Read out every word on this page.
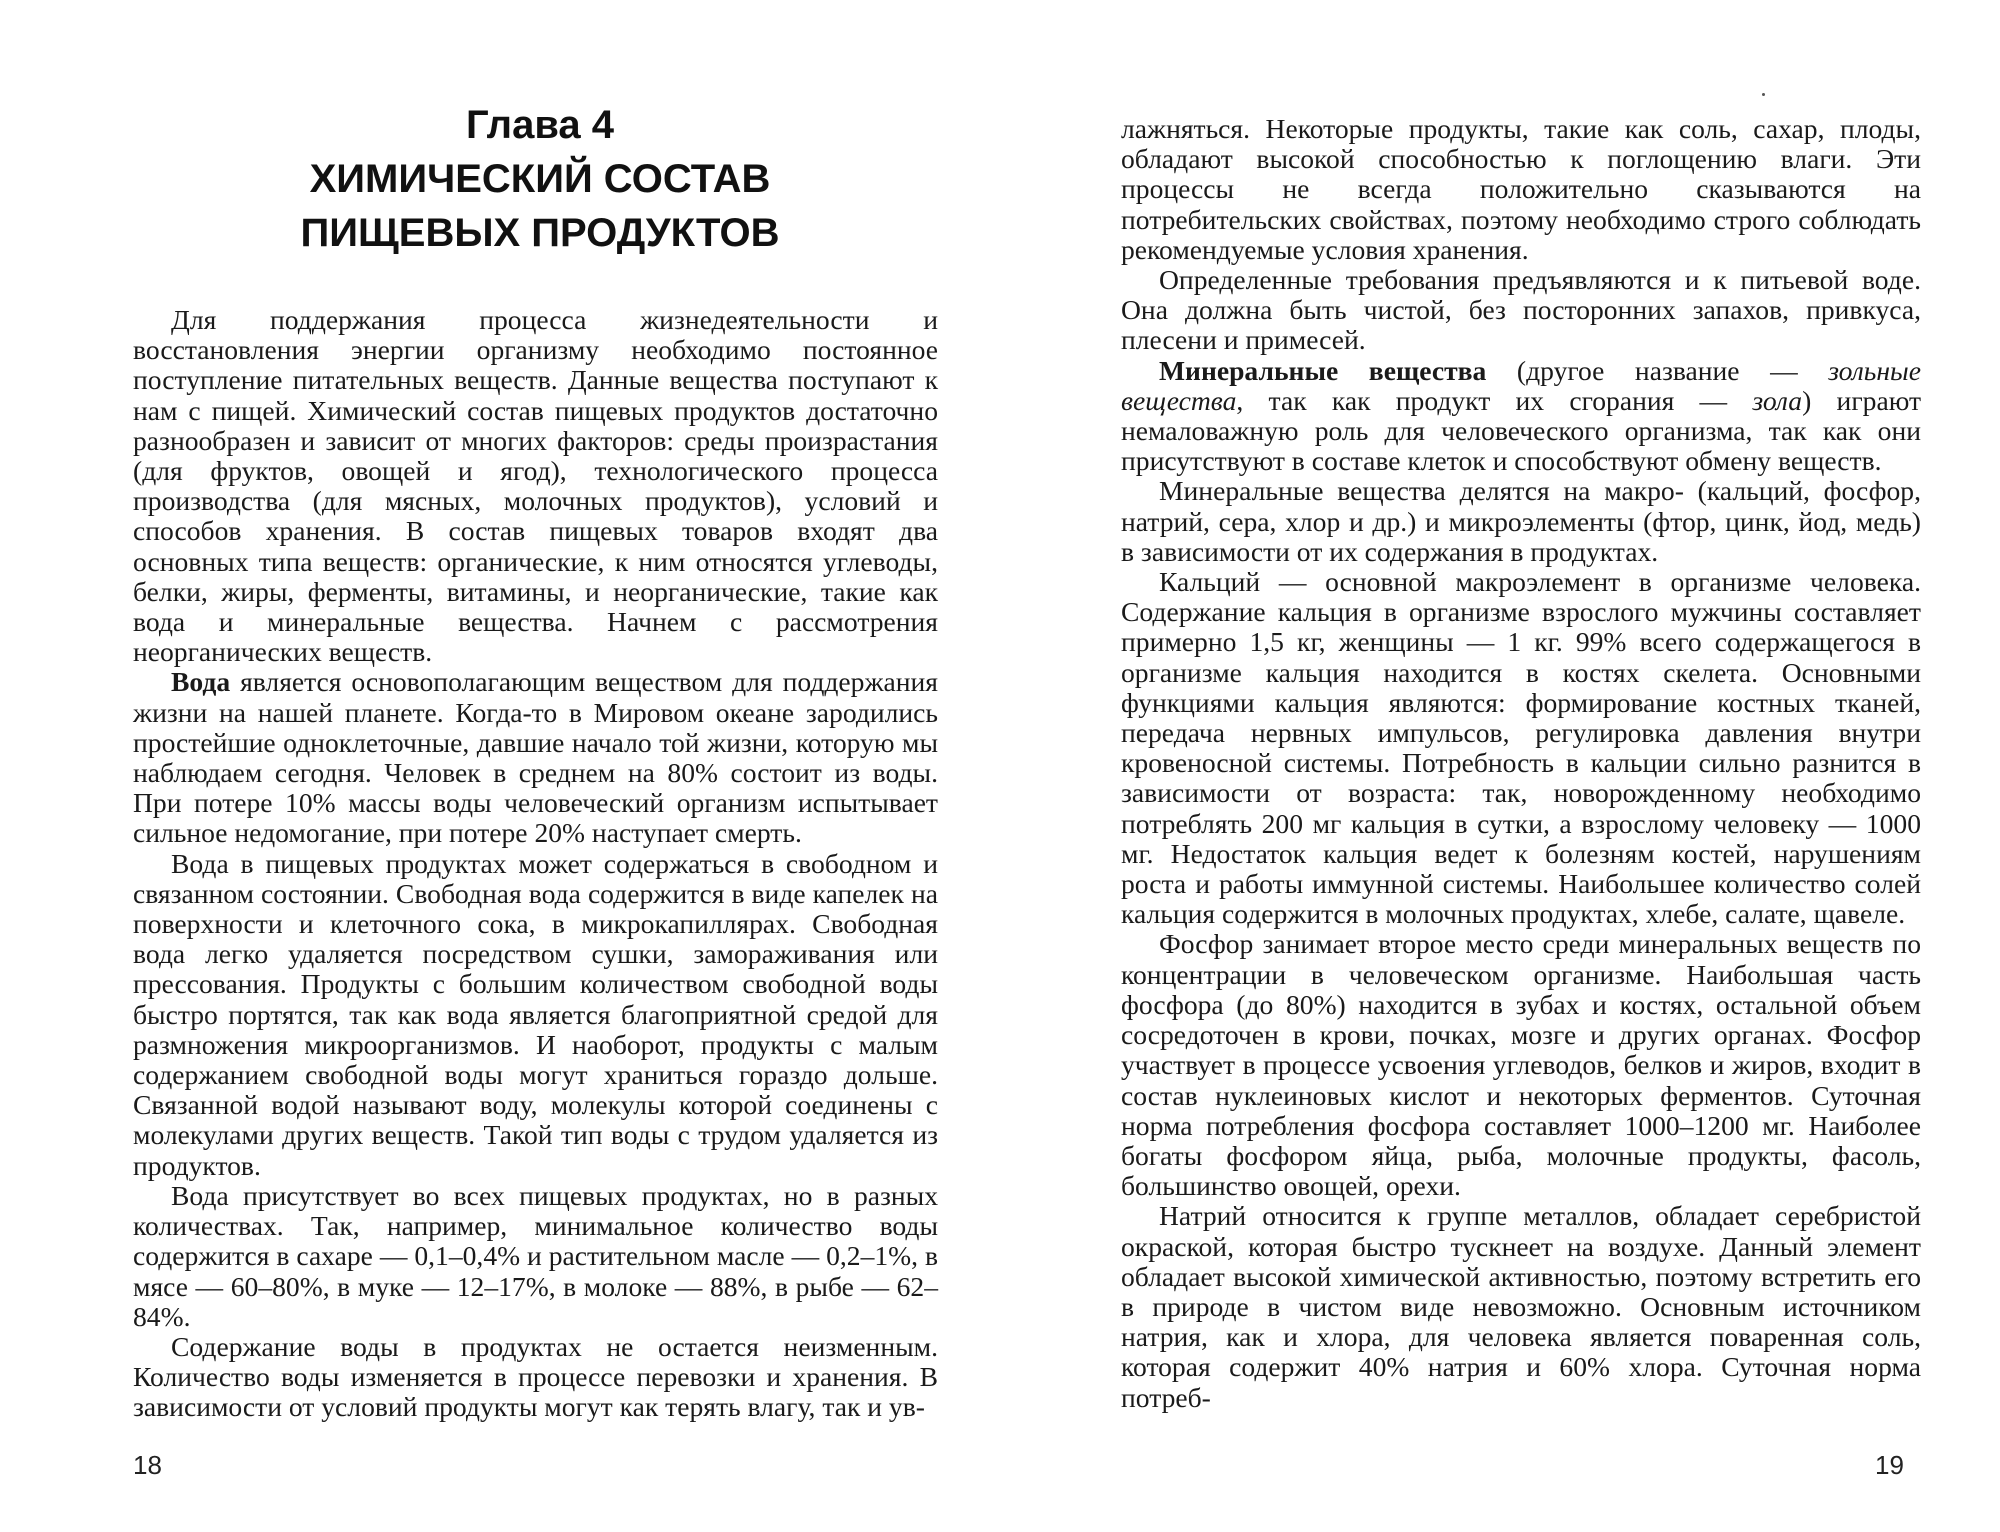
Глава 4

ХИМИЧЕСКИЙ СОСТАВ

ПИЩЕВЫХ ПРОДУКТОВ

Для поддержания процесса жизнедеятельности и восстановления энергии организму необходимо постоянное поступление питательных веществ. Данные вещества поступают к нам с пищей. Химический состав пищевых продуктов достаточно разнообразен и зависит от многих факторов: среды произрастания (для фруктов, овощей и ягод), технологического процесса производства (для мясных, молочных продуктов), условий и способов хранения. В состав пищевых товаров входят два основных типа веществ: органические, к ним относятся углеводы, белки, жиры, ферменты, витамины, и неорганические, такие как вода и минеральные вещества. Начнем с рассмотрения неорганических веществ.

Вода является основополагающим веществом для поддержания жизни на нашей планете. Когда-то в Мировом океане зародились простейшие одноклеточные, давшие начало той жизни, которую мы наблюдаем сегодня. Человек в среднем на 80% состоит из воды. При потере 10% массы воды человеческий организм испытывает сильное недомогание, при потере 20% наступает смерть.

Вода в пищевых продуктах может содержаться в свободном и связанном состоянии. Свободная вода содержится в виде капелек на поверхности и клеточного сока, в микрокапиллярах. Свободная вода легко удаляется посредством сушки, замораживания или прессования. Продукты с большим количеством свободной воды быстро портятся, так как вода является благоприятной средой для размножения микроорганизмов. И наоборот, продукты с малым содержанием свободной воды могут храниться гораздо дольше. Связанной водой называют воду, молекулы которой соединены с молекулами других веществ. Такой тип воды с трудом удаляется из продуктов.

Вода присутствует во всех пищевых продуктах, но в разных количествах. Так, например, минимальное количество воды содержится в сахаре — 0,1–0,4% и растительном масле — 0,2–1%, в мясе — 60–80%, в муке — 12–17%, в молоке — 88%, в рыбе — 62–84%.

Содержание воды в продуктах не остается неизменным. Количество воды изменяется в процессе перевозки и хранения. В зависимости от условий продукты могут как терять влагу, так и ув-

18

лажняться. Некоторые продукты, такие как соль, сахар, плоды, обладают высокой способностью к поглощению влаги. Эти процессы не всегда положительно сказываются на потребительских свойствах, поэтому необходимо строго соблюдать рекомендуемые условия хранения.

Определенные требования предъявляются и к питьевой воде. Она должна быть чистой, без посторонних запахов, привкуса, плесени и примесей.

Минеральные вещества (другое название — зольные вещества, так как продукт их сгорания — зола) играют немаловажную роль для человеческого организма, так как они присутствуют в составе клеток и способствуют обмену веществ.

Минеральные вещества делятся на макро- (кальций, фосфор, натрий, сера, хлор и др.) и микроэлементы (фтор, цинк, йод, медь) в зависимости от их содержания в продуктах.

Кальций — основной макроэлемент в организме человека. Содержание кальция в организме взрослого мужчины составляет примерно 1,5 кг, женщины — 1 кг. 99% всего содержащегося в организме кальция находится в костях скелета. Основными функциями кальция являются: формирование костных тканей, передача нервных импульсов, регулировка давления внутри кровеносной системы. Потребность в кальции сильно разнится в зависимости от возраста: так, новорожденному необходимо потреблять 200 мг кальция в сутки, а взрослому человеку — 1000 мг. Недостаток кальция ведет к болезням костей, нарушениям роста и работы иммунной системы. Наибольшее количество солей кальция содержится в молочных продуктах, хлебе, салате, щавеле.

Фосфор занимает второе место среди минеральных веществ по концентрации в человеческом организме. Наибольшая часть фосфора (до 80%) находится в зубах и костях, остальной объем сосредоточен в крови, почках, мозге и других органах. Фосфор участвует в процессе усвоения углеводов, белков и жиров, входит в состав нуклеиновых кислот и некоторых ферментов. Суточная норма потребления фосфора составляет 1000–1200 мг. Наиболее богаты фосфором яйца, рыба, молочные продукты, фасоль, большинство овощей, орехи.

Натрий относится к группе металлов, обладает серебристой окраской, которая быстро тускнеет на воздухе. Данный элемент обладает высокой химической активностью, поэтому встретить его в природе в чистом виде невозможно. Основным источником натрия, как и хлора, для человека является поваренная соль, которая содержит 40% натрия и 60% хлора. Суточная норма потреб-

19
